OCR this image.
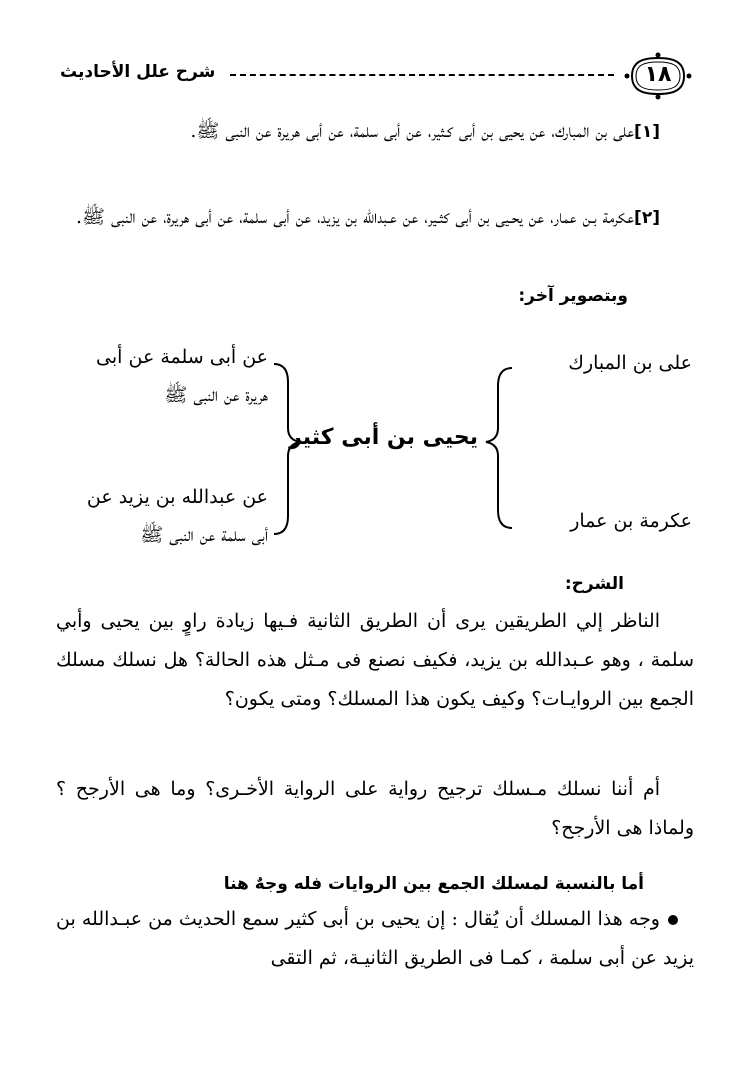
١٨
شرح علل الأحاديث
[١]على بن المبارك، عن يحيى بن أبى كـثير، عن أبى سلمة، عن أبى هريرة عن النبى ﷺ.
[٢]عكرمة بـن عمار، عن يحـيى بن أبى كثـير، عن عـبدالله بن يزيد، عن أبى سلمة، عن أبى هريرة، عن النبى ﷺ.
وبتصوير آخر:
على بن المبارك
عكرمة بن عمار
يحيى بن أبى كثير
عن أبى سلمة عن أبى
هريرة عن النبى ﷺ
عن عبدالله بن يزيد عن
أبى سلمة عن النبى ﷺ
الشرح:
الناظر إلي الطريقين يرى أن الطريق الثانية فـيها زيادة راوٍ بين يحيى وأبي سلمة ، وهو عـبدالله بن يزيد، فكيف نصنع فى مـثل هذه الحالة؟ هل نسلك مسلك الجمع بين الروايـات؟ وكيف يكون هذا المسلك؟ ومتى يكون؟
أم أننا نسلك مـسلك ترجيح رواية على الرواية الأخـرى؟ وما هى الأرجح ؟ ولماذا هى الأرجح؟
أما بالنسبة لمسلك الجمع بين الروايات فله وجهٌ هنا
وجه هذا المسلك أن يُقال : إن يحيى بن أبى كثير سمع الحديث من عبـدالله بن يزيد عن أبى سلمة ، كمـا فى الطريق الثانيـة، ثم التقى
